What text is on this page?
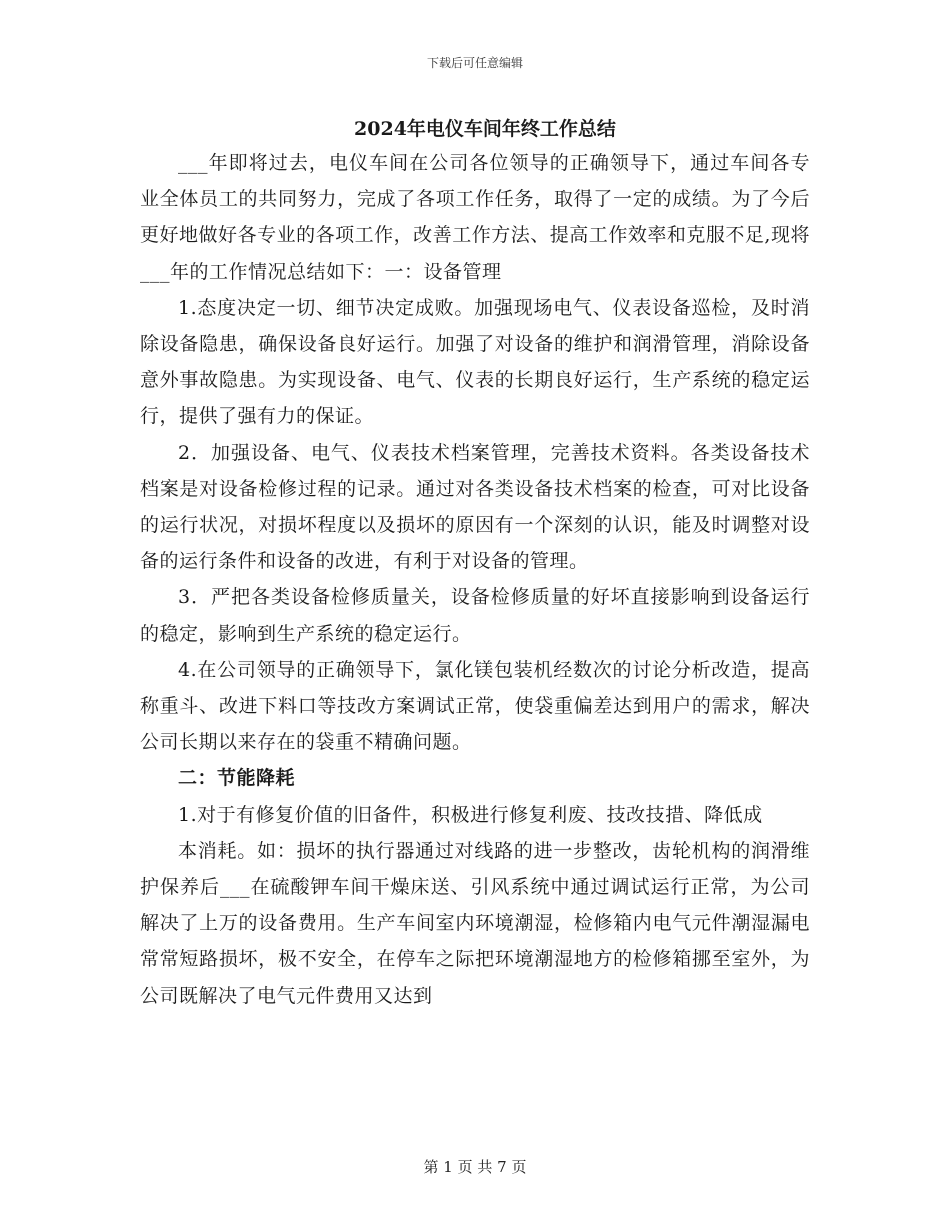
下载后可任意编辑
2024年电仪车间年终工作总结

___年即将过去，电仪车间在公司各位领导的正确领导下，通过车间各专业全体员工的共同努力，完成了各项工作任务，取得了一定的成绩。为了今后更好地做好各专业的各项工作，改善工作方法、提高工作效率和克服不足,现将___年的工作情况总结如下：一：设备管理

1.态度决定一切、细节决定成败。加强现场电气、仪表设备巡检，及时消除设备隐患，确保设备良好运行。加强了对设备的维护和润滑管理，消除设备意外事故隐患。为实现设备、电气、仪表的长期良好运行，生产系统的稳定运行，提供了强有力的保证。

2．加强设备、电气、仪表技术档案管理，完善技术资料。各类设备技术档案是对设备检修过程的记录。通过对各类设备技术档案的检查，可对比设备的运行状况，对损坏程度以及损坏的原因有一个深刻的认识，能及时调整对设备的运行条件和设备的改进，有利于对设备的管理。

3．严把各类设备检修质量关，设备检修质量的好坏直接影响到设备运行的稳定，影响到生产系统的稳定运行。

4.在公司领导的正确领导下，氯化镁包装机经数次的讨论分析改造，提高称重斗、改进下料口等技改方案调试正常，使袋重偏差达到用户的需求，解决公司长期以来存在的袋重不精确问题。

二：节能降耗

1.对于有修复价值的旧备件，积极进行修复利废、技改技措、降低成

本消耗。如：损坏的执行器通过对线路的进一步整改，齿轮机构的润滑维护保养后___在硫酸钾车间干燥床送、引风系统中通过调试运行正常，为公司解决了上万的设备费用。生产车间室内环境潮湿，检修箱内电气元件潮湿漏电常常短路损坏，极不安全，在停车之际把环境潮湿地方的检修箱挪至室外，为公司既解决了电气元件费用又达到

第 1 页 共 7 页
